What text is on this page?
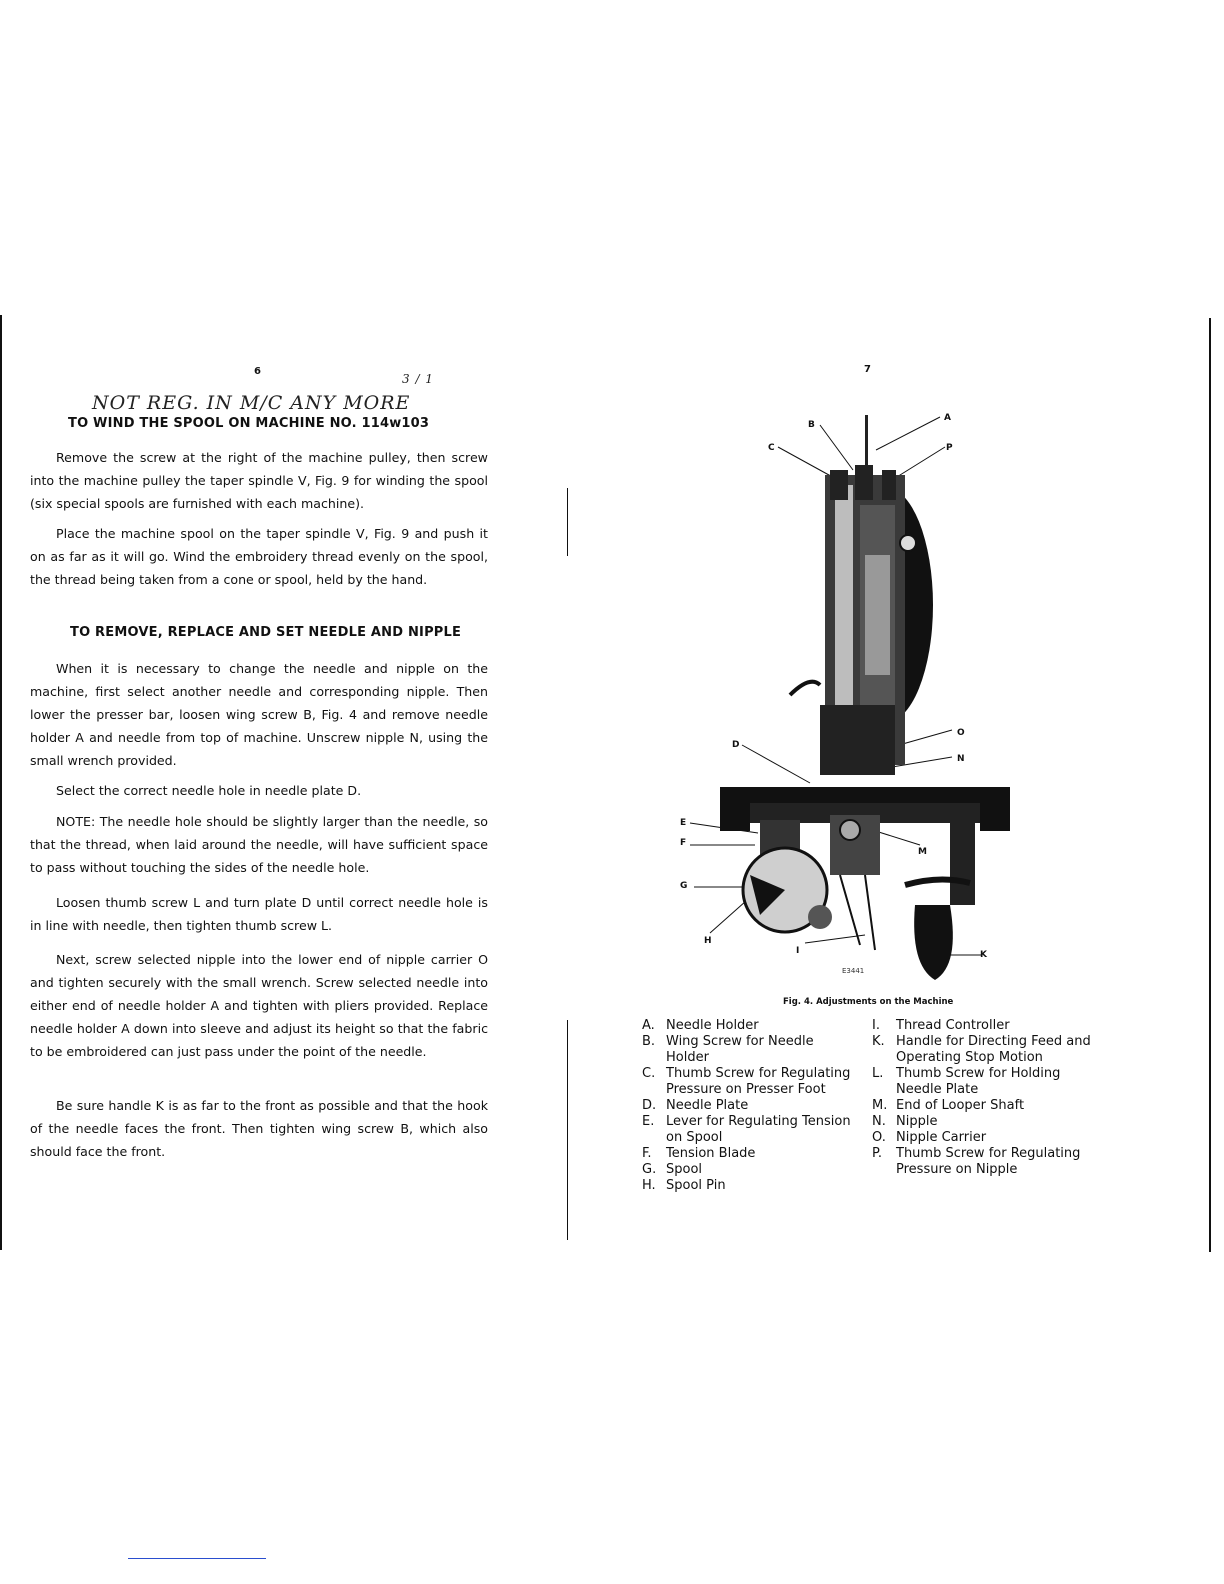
6
NOT REG. IN M/C ANY MORE
3 / 1
TO WIND THE SPOOL ON MACHINE NO. 114w103

Remove the screw at the right of the machine pulley, then screw into the machine pulley the taper spindle V, Fig. 9 for winding the spool (six special spools are furnished with each machine).

Place the machine spool on the taper spindle V, Fig. 9 and push it on as far as it will go. Wind the embroidery thread evenly on the spool, the thread being taken from a cone or spool, held by the hand.

TO REMOVE, REPLACE AND SET NEEDLE AND NIPPLE

When it is necessary to change the needle and nipple on the machine, first select another needle and corresponding nipple. Then lower the presser bar, loosen wing screw B, Fig. 4 and remove needle holder A and needle from top of machine. Unscrew nipple N, using the small wrench provided.

Select the correct needle hole in needle plate D.

NOTE: The needle hole should be slightly larger than the needle, so that the thread, when laid around the needle, will have sufficient space to pass without touching the sides of the needle hole.

Loosen thumb screw L and turn plate D until correct needle hole is in line with needle, then tighten thumb screw L.

Next, screw selected nipple into the lower end of nipple carrier O and tighten securely with the small wrench. Screw selected needle into either end of needle holder A and tighten with pliers provided. Replace needle holder A down into sleeve and adjust its height so that the fabric to be embroidered can just pass under the point of the needle.

Be sure handle K is as far to the front as possible and that the hook of the needle faces the front. Then tighten wing screw B, which also should face the front.

7
A
B
C	P
O
N
D
E
F
M
G
H
I	K
E3441
Fig. 4. Adjustments on the Machine
A. Needle Holder
B. Wing Screw for Needle Holder
C. Thumb Screw for Regulating Pressure on Presser Foot
D. Needle Plate
E. Lever for Regulating Tension on Spool
F. Tension Blade
G. Spool
H. Spool Pin
I. Thread Controller
K. Handle for Directing Feed and Operating Stop Motion
L. Thumb Screw for Holding Needle Plate
M. End of Looper Shaft
N. Nipple
O. Nipple Carrier
P. Thumb Screw for Regulating Pressure on Nipple
